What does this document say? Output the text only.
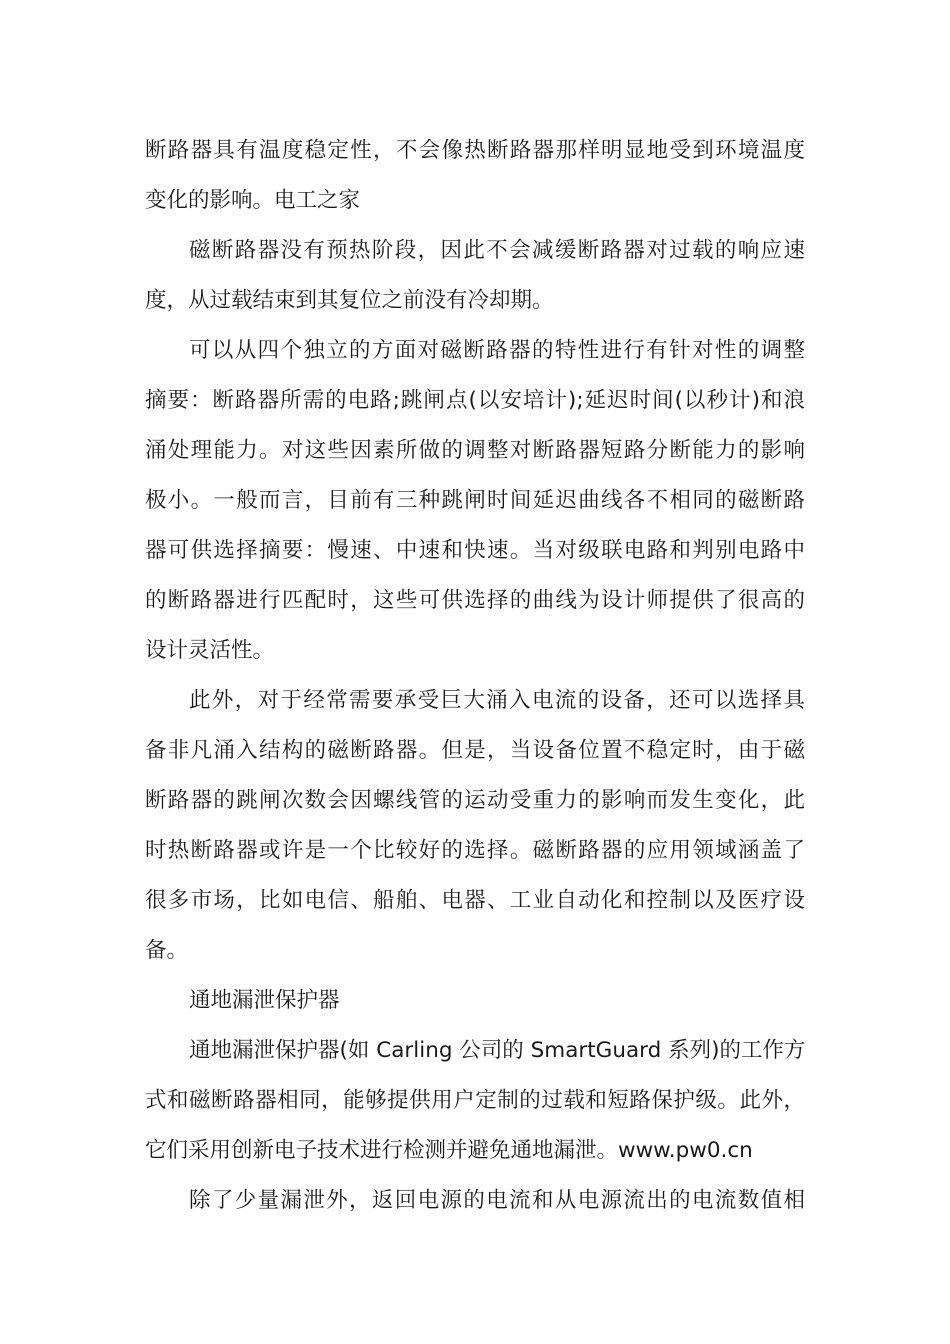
断路器具有温度稳定性，不会像热断路器那样明显地受到环境温度
变化的影响。电工之家
磁断路器没有预热阶段，因此不会减缓断路器对过载的响应速
度，从过载结束到其复位之前没有冷却期。
可以从四个独立的方面对磁断路器的特性进行有针对性的调整
摘要：断路器所需的电路;跳闸点(以安培计);延迟时间(以秒计)和浪
涌处理能力。对这些因素所做的调整对断路器短路分断能力的影响
极小。一般而言，目前有三种跳闸时间延迟曲线各不相同的磁断路
器可供选择摘要：慢速、中速和快速。当对级联电路和判别电路中
的断路器进行匹配时，这些可供选择的曲线为设计师提供了很高的
设计灵活性。
此外，对于经常需要承受巨大涌入电流的设备，还可以选择具
备非凡涌入结构的磁断路器。但是，当设备位置不稳定时，由于磁
断路器的跳闸次数会因螺线管的运动受重力的影响而发生变化，此
时热断路器或许是一个比较好的选择。磁断路器的应用领域涵盖了
很多市场，比如电信、船舶、电器、工业自动化和控制以及医疗设
备。
通地漏泄保护器
通地漏泄保护器(如 Carling 公司的 SmartGuard 系列)的工作方
式和磁断路器相同，能够提供用户定制的过载和短路保护级。此外，
它们采用创新电子技术进行检测并避免通地漏泄。www.pw0.cn
除了少量漏泄外，返回电源的电流和从电源流出的电流数值相
